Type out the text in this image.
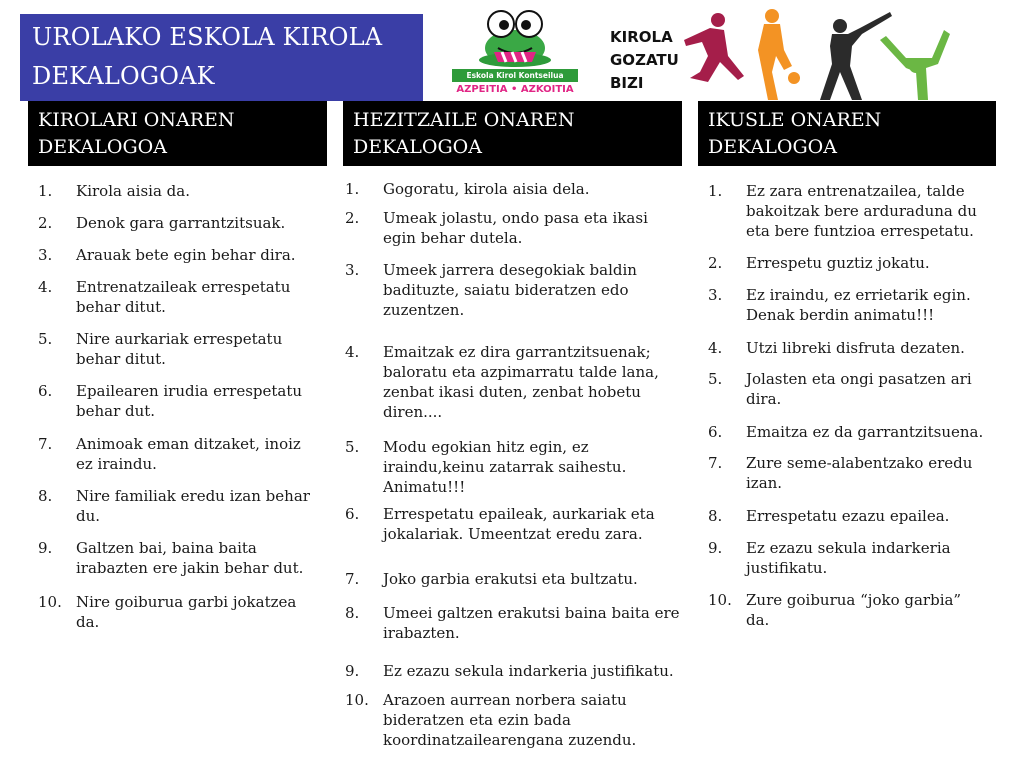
UROLAKO ESKOLA KIROLA
DEKALOGOAK	Eskola Kirol Kontseilua
AZPEITIA • AZKOITIA
KIROLA
GOZATU
BIZI
KIROLARI ONAREN
DEKALOGOA
HEZITZAILE ONAREN
DEKALOGOA
IKUSLE ONAREN
DEKALOGOA
1. Kirola aisia da.
2. Denok gara garrantzitsuak.
3. Arauak bete egin behar dira.
4. Entrenatzaileak errespetatu
behar ditut.
5. Nire aurkariak errespetatu
behar ditut.
6. Epailearen irudia errespetatu
behar dut.
7. Animoak eman ditzaket, inoiz
ez iraindu.
8. Nire familiak eredu izan behar
du.
9. Galtzen bai, baina baita
irabazten ere jakin behar dut.
10. Nire goiburua garbi jokatzea
da.
1. Gogoratu, kirola aisia dela.
2. Umeak jolastu, ondo pasa eta ikasi
egin behar dutela.
3. Umeek jarrera desegokiak baldin
badituzte, saiatu bideratzen edo
zuzentzen.
4. Emaitzak ez dira garrantzitsuenak;
baloratu eta azpimarratu talde lana,
zenbat ikasi duten, zenbat hobetu
diren....
5. Modu egokian hitz egin, ez
iraindu,keinu zatarrak saihestu.
Animatu!!!
6. Errespetatu epaileak, aurkariak eta
jokalariak. Umeentzat eredu zara.
7. Joko garbia erakutsi eta bultzatu.
8. Umeei galtzen erakutsi baina baita ere
irabazten.
9. Ez ezazu sekula indarkeria justifikatu.
10. Arazoen aurrean norbera saiatu
bideratzen eta ezin bada
koordinatzailearengana zuzendu.
1. Ez zara entrenatzailea, talde
bakoitzak bere arduraduna du
eta bere funtzioa errespetatu.
2. Errespetu guztiz jokatu.
3. Ez iraindu, ez errietarik egin.
Denak berdin animatu!!!
4. Utzi libreki disfruta dezaten.
5. Jolasten eta ongi pasatzen ari
dira.
6. Emaitza ez da garrantzitsuena.
7. Zure seme-alabentzako eredu
izan.
8. Errespetatu ezazu epailea.
9. Ez ezazu sekula indarkeria
justifikatu.
10. Zure goiburua “joko garbia”
da.
